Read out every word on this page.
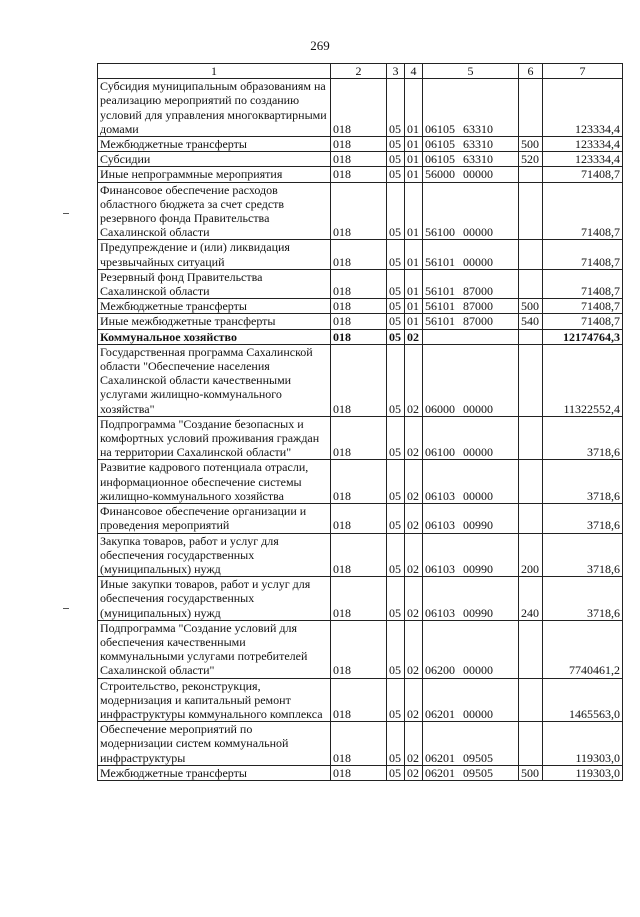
269
1	2	3	4	5	6	7
Субсидия муниципальным образованиям на реализацию мероприятий по созданию условий для управления многоквартирными домами	018	05	01	06105 63310		123334,4
Межбюджетные трансферты	018	05	01	06105 63310	500	123334,4
Субсидии	018	05	01	06105 63310	520	123334,4
Иные непрограммные мероприятия	018	05	01	56000 00000		71408,7
Финансовое обеспечение расходов областного бюджета за счет средств резервного фонда Правительства Сахалинской области	018	05	01	56100 00000		71408,7
Предупреждение и (или) ликвидация чрезвычайных ситуаций	018	05	01	56101 00000		71408,7
Резервный фонд Правительства Сахалинской области	018	05	01	56101 87000		71408,7
Межбюджетные трансферты	018	05	01	56101 87000	500	71408,7
Иные межбюджетные трансферты	018	05	01	56101 87000	540	71408,7
Коммунальное хозяйство	018	05	02			12174764,3
Государственная программа Сахалинской области "Обеспечение населения Сахалинской области качественными услугами жилищно-коммунального хозяйства"	018	05	02	06000 00000		11322552,4
Подпрограмма "Создание безопасных и комфортных условий проживания граждан на территории Сахалинской области"	018	05	02	06100 00000		3718,6
Развитие кадрового потенциала отрасли, информационное обеспечение системы жилищно-коммунального хозяйства	018	05	02	06103 00000		3718,6
Финансовое обеспечение организации и проведения мероприятий	018	05	02	06103 00990		3718,6
Закупка товаров, работ и услуг для обеспечения государственных (муниципальных) нужд	018	05	02	06103 00990	200	3718,6
Иные закупки товаров, работ и услуг для обеспечения государственных (муниципальных) нужд	018	05	02	06103 00990	240	3718,6
Подпрограмма "Создание условий для обеспечения качественными коммунальными услугами потребителей Сахалинской области"	018	05	02	06200 00000		7740461,2
Строительство, реконструкция, модернизация и капитальный ремонт инфраструктуры коммунального комплекса	018	05	02	06201 00000		1465563,0
Обеспечение мероприятий по модернизации систем коммунальной инфраструктуры	018	05	02	06201 09505		119303,0
Межбюджетные трансферты	018	05	02	06201 09505	500	119303,0
